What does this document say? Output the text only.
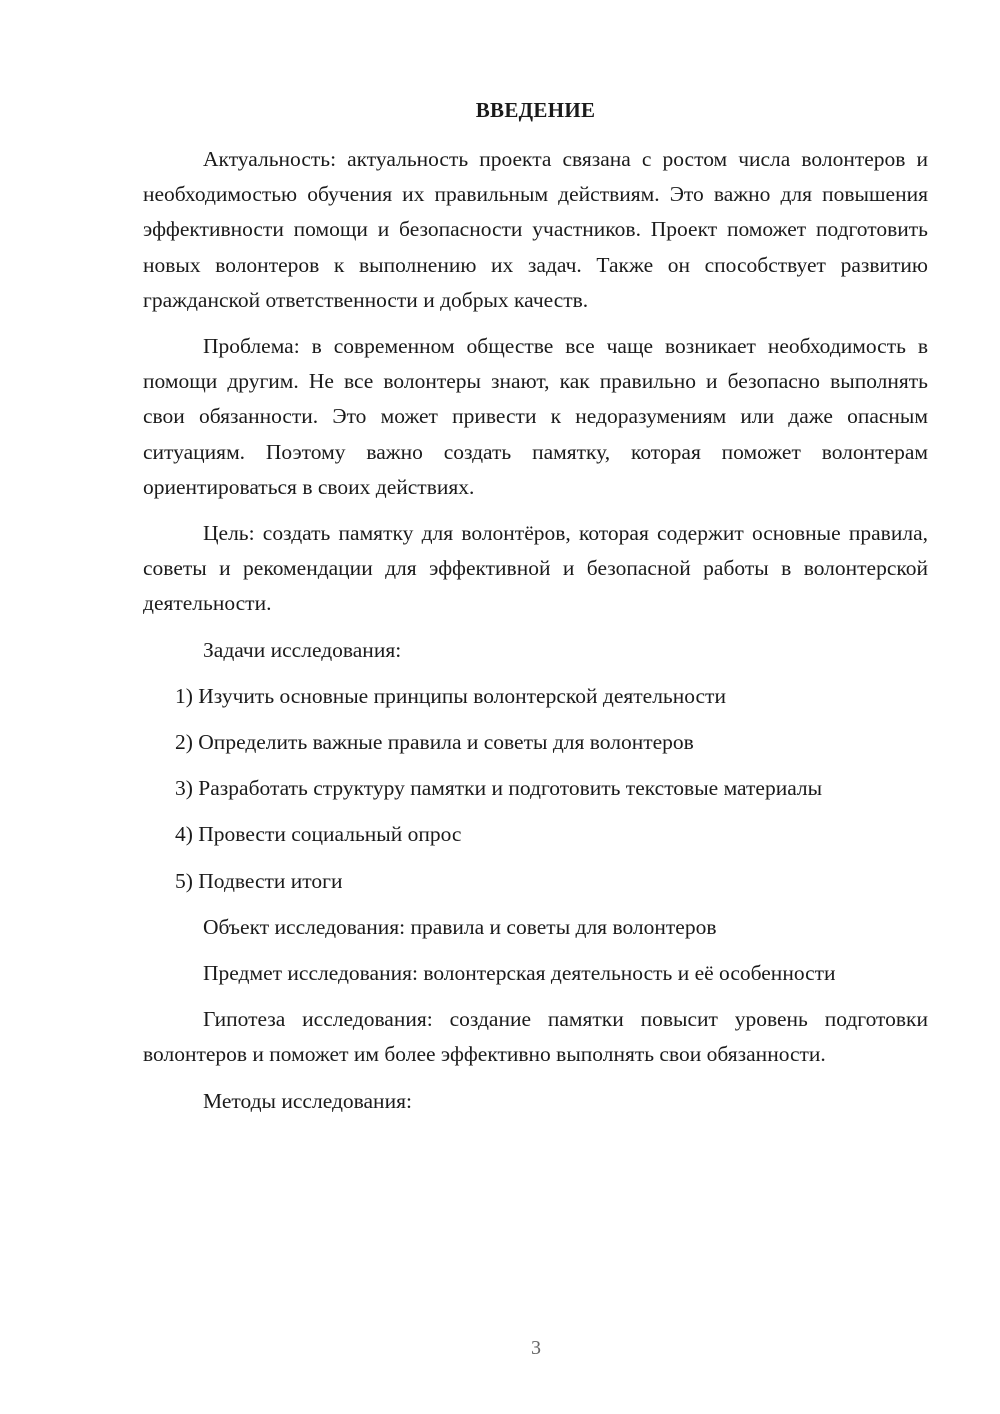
ВВЕДЕНИЕ

Актуальность: актуальность проекта связана с ростом числа волонтеров и необходимостью обучения их правильным действиям. Это важно для повышения эффективности помощи и безопасности участников. Проект поможет подготовить новых волонтеров к выполнению их задач. Также он способствует развитию гражданской ответственности и добрых качеств.

Проблема: в современном обществе все чаще возникает необходимость в помощи другим. Не все волонтеры знают, как правильно и безопасно выполнять свои обязанности. Это может привести к недоразумениям или даже опасным ситуациям. Поэтому важно создать памятку, которая поможет волонтерам ориентироваться в своих действиях.

Цель: создать памятку для волонтёров, которая содержит основные правила, советы и рекомендации для эффективной и безопасной работы в волонтерской деятельности.

Задачи исследования:

1) Изучить основные принципы волонтерской деятельности

2) Определить важные правила и советы для волонтеров

3) Разработать структуру памятки и подготовить текстовые материалы

4) Провести социальный опрос

5) Подвести итоги

Объект исследования: правила и советы для волонтеров

Предмет исследования: волонтерская деятельность и её особенности

Гипотеза исследования: создание памятки повысит уровень подготовки волонтеров и поможет им более эффективно выполнять свои обязанности.

Методы исследования:

3
